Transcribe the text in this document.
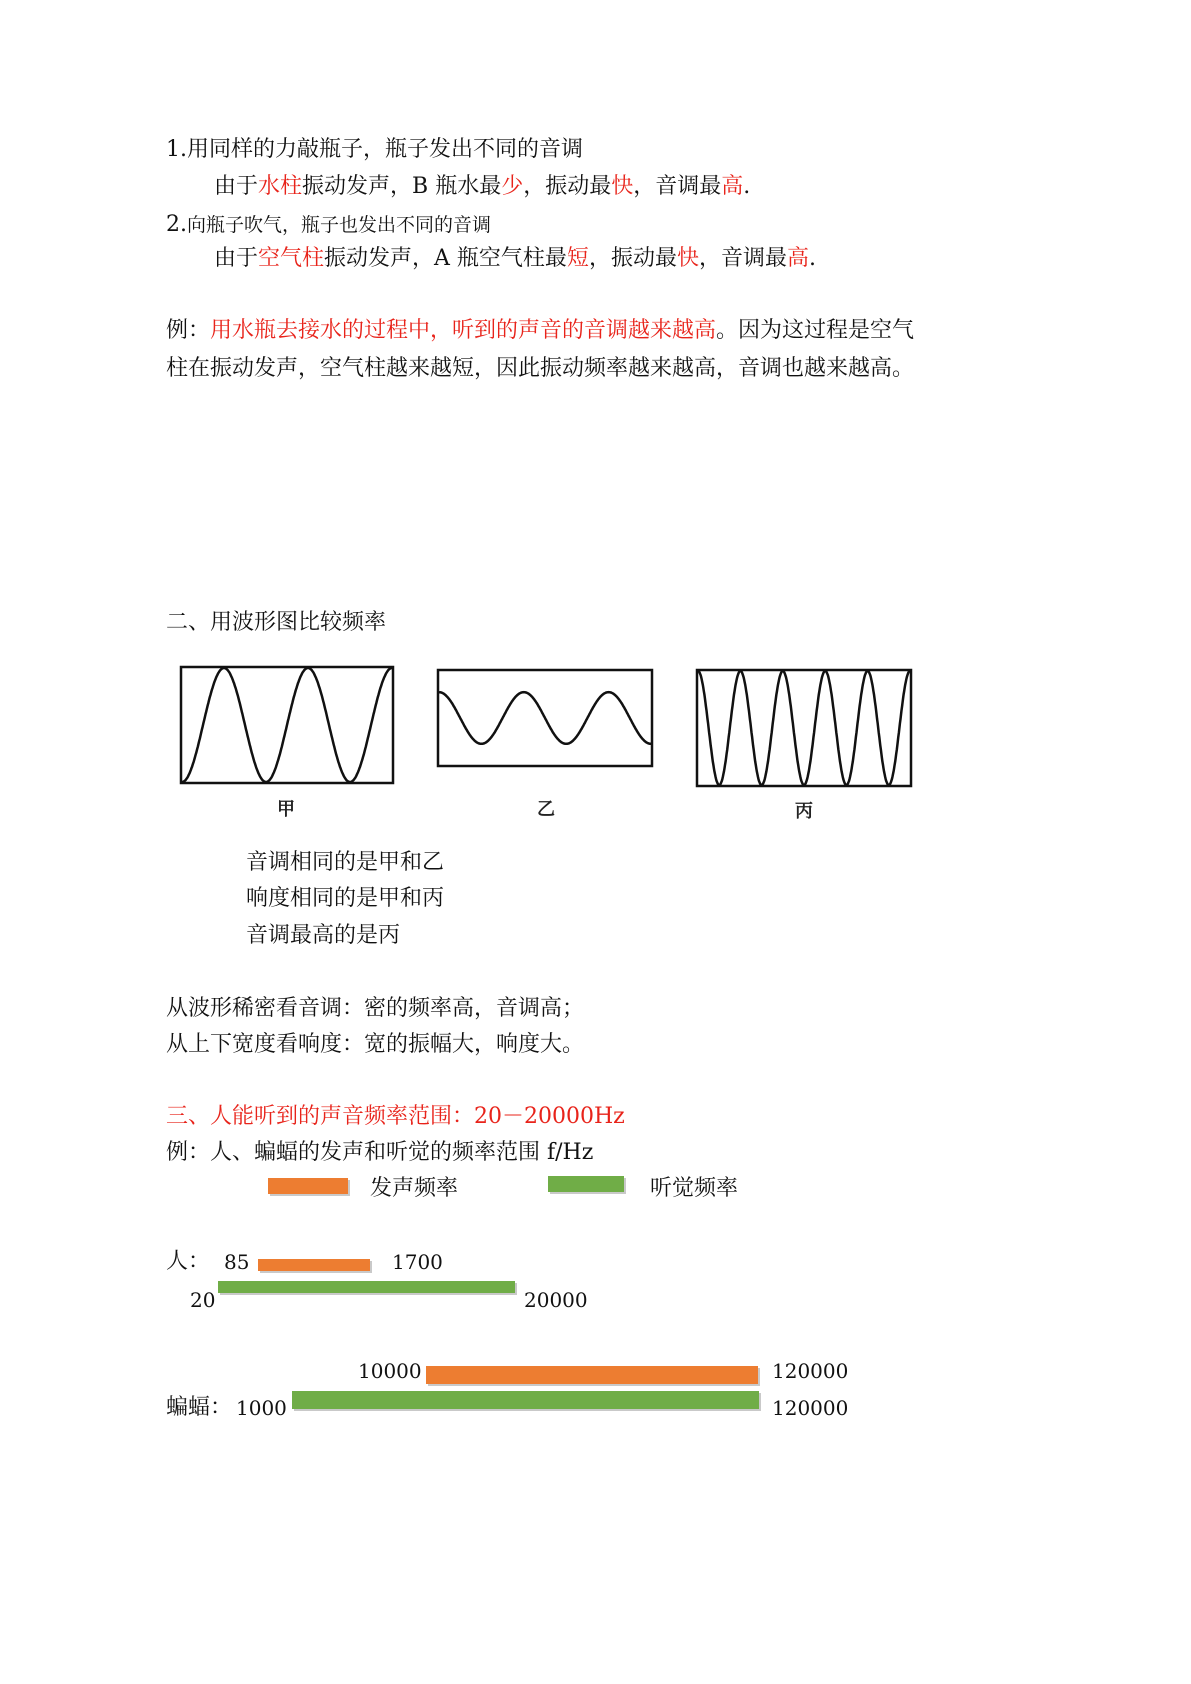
1.用同样的力敲瓶子，瓶子发出不同的音调
由于水柱振动发声，B 瓶水最少，振动最快，音调最高.
2.向瓶子吹气，瓶子也发出不同的音调
由于空气柱振动发声，A 瓶空气柱最短，振动最快，音调最高.
例：用水瓶去接水的过程中，听到的声音的音调越来越高。因为这过程是空气
柱在振动发声，空气柱越来越短，因此振动频率越来越高，音调也越来越高。
二、用波形图比较频率
甲	乙	丙
音调相同的是甲和乙
响度相同的是甲和丙
音调最高的是丙
从波形稀密看音调：密的频率高，音调高；
从上下宽度看响度：宽的振幅大，响度大。
三、人能听到的声音频率范围：20－20000Hz
例：人、蝙蝠的发声和听觉的频率范围 f/Hz
发声频率	听觉频率
人： 85	1700
20	20000
10000	120000
蝙蝠： 1000	120000
